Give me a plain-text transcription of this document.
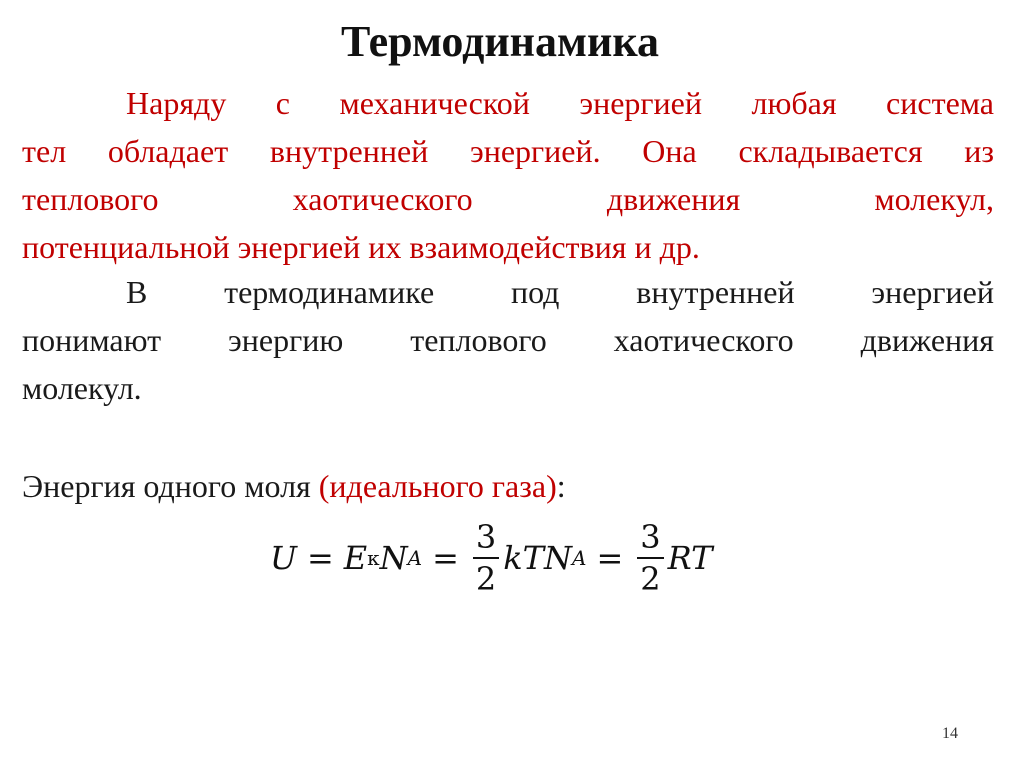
Термодинамика
Наряду с механической энергией любая система
тел обладает внутренней энергией. Она складывается из
теплового хаотического движения молекул,
потенциальной энергией их взаимодействия и др.
В термодинамике под внутренней энергией
понимают энергию теплового хаотического движения
молекул.
Энергия одного моля (идеального газа):
U = E к N $A = \frac{3}{2}$ kT N $A = \frac{3}{2}$ RT
14
